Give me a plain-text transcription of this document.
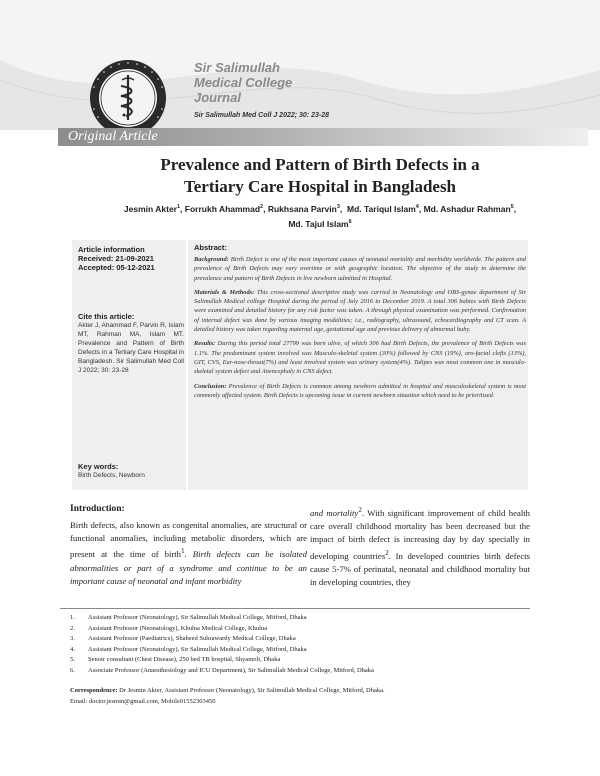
Sir Salimullah
Medical College
Journal
Sir Salimullah Med Coll J 2022; 30: 23-28
Original Article
Prevalence and Pattern of Birth Defects in a
Tertiary Care Hospital in Bangladesh
Jesmin Akter$^1$, Forrukh Ahammad$^2$, Rukhsana Parvin$^3$,  Md. Tariqul Islam$^4$, Md. Ashadur Rahman$^5$,
Md. Tajul Islam$^6$
Article information
Received: 21-09-2021
Accepted: 05-12-2021
Cite this article:
Akter J, Ahammad F, Parvin R, Islam MT, Rahman MA, Islam MT. Prevalence and Pattern of Birth Defects in a Tertiary Care Hospital in Bangladesh. Sir Salimullah Med Coll J 2022; 30: 23-28
Key words:
Birth Defects, Newborn
Abstract:

Background: Birth Defect is one of the most important causes of neonatal mortality and morbidity worldwide. The pattern and prevalence of Birth Defects may vary overtime or with geographic location. The objective of the study to determine the prevalence and pattern of Birth Defects in live newborn admitted in Hospital.

Materials & Methods: This cross-sectional descriptive study was carried in Neonatology and OBS-gynae department of Sir Salimullah Medical college Hospital during the period of July 2016 to December 2019. A total 306 babies with Birth Defects were examined and detailed history for any risk factor was taken. A through physical examination was performed. Confirmation of internal defect was done by various imaging modalities; i.e., radiography, ultrasound, echocardiography and CT scan. A detailed history was taken regarding maternal age, gestational age and previous delivery of abnormal baby.

Results: During this period total 27799 was born alive, of which 306 had Birth Defects, the prevalence of Birth Defects was 1.1%. The predominant system involved was Musculo-skeletal system (30%) followed by CNS (19%), oro-facial clefts (13%), GIT, CVS, Ear-nose-throat(7%) and least involved system was urinary system(4%). Talipes was most common one in musculo-skeletal system defect and Anencephaly in CNS defect.

Conclusion: Prevalence of Birth Defects is common among newborn admitted in hospital and musculoskeletal system is most commonly affected system. Birth Defects is upcoming issue in current newborn situation which need to be prioritized.

Introduction:
Birth defects, also known as congenital anomalies, are structural or functional anomalies, including metabolic disorders, which are present at the time of birth$^1$. Birth defects can be isolated abnormalities or part of a syndrome and continue to be an important cause of neonatal and infant morbidity
and mortality$^2$. With significant improvement of child health care overall childhood mortality has been decreased but the impact of birth defect is increasing day by day specially in developing countries$^2$. In developed countries birth defects cause 5-7% of perinatal, neonatal and childhood mortality but in developing countries, they
1.	Assistant Professor (Neonatology), Sir Salimullah Medical College, Mitford, Dhaka
2.	Assistant Professor (Neonatology), Khulna Medical College, Khulna
3.	Assistant Professor (Paediatrics), Shaheed Suhrawardy Medical College, Dhaka
4.	Assistant Professor (Neonatology), Sir Salimullah Medical College, Mitford, Dhaka
5.	Senoir consultant (Chest Disease), 250 bed TB hospital, Shyamoli, Dhaka
6.	Associate Professor (Anaesthesiology and ICU Department), Sir Salimullah Medical College, Mitford, Dhaka
Correspondence: Dr Jesmin Akter, Assistant Professor (Neonatology), Sir Salimullah Medical College, Mitford, Dhaka.
Email: doctor.jesmin@gmail.com, Mobile01552303450
